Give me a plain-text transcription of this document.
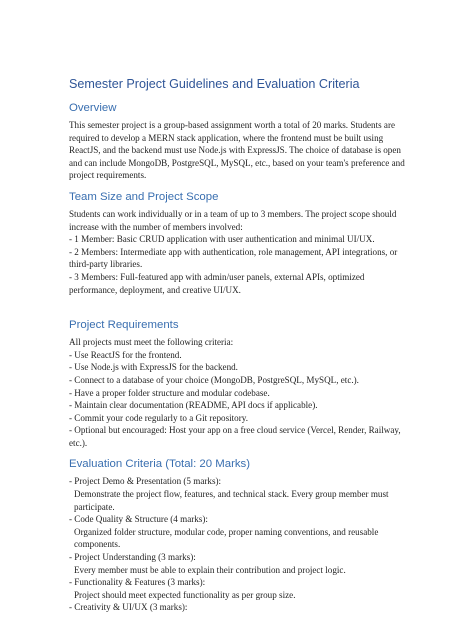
Semester Project Guidelines and Evaluation Criteria
Overview

This semester project is a group-based assignment worth a total of 20 marks. Students are required to develop a MERN stack application, where the frontend must be built using ReactJS, and the backend must use Node.js with ExpressJS. The choice of database is open and can include MongoDB, PostgreSQL, MySQL, etc., based on your team's preference and project requirements.

Team Size and Project Scope

Students can work individually or in a team of up to 3 members. The project scope should increase with the number of members involved:

- 1 Member: Basic CRUD application with user authentication and minimal UI/UX.

- 2 Members: Intermediate app with authentication, role management, API integrations, or third-party libraries.

- 3 Members: Full-featured app with admin/user panels, external APIs, optimized performance, deployment, and creative UI/UX.

Project Requirements

All projects must meet the following criteria:

- Use ReactJS for the frontend.

- Use Node.js with ExpressJS for the backend.

- Connect to a database of your choice (MongoDB, PostgreSQL, MySQL, etc.).

- Have a proper folder structure and modular codebase.

- Maintain clear documentation (README, API docs if applicable).

- Commit your code regularly to a Git repository.

- Optional but encouraged: Host your app on a free cloud service (Vercel, Render, Railway, etc.).

Evaluation Criteria (Total: 20 Marks)

- Project Demo & Presentation (5 marks):

Demonstrate the project flow, features, and technical stack. Every group member must participate.

- Code Quality & Structure (4 marks):

Organized folder structure, modular code, proper naming conventions, and reusable components.

- Project Understanding (3 marks):

Every member must be able to explain their contribution and project logic.

- Functionality & Features (3 marks):

Project should meet expected functionality as per group size.

- Creativity & UI/UX (3 marks):
